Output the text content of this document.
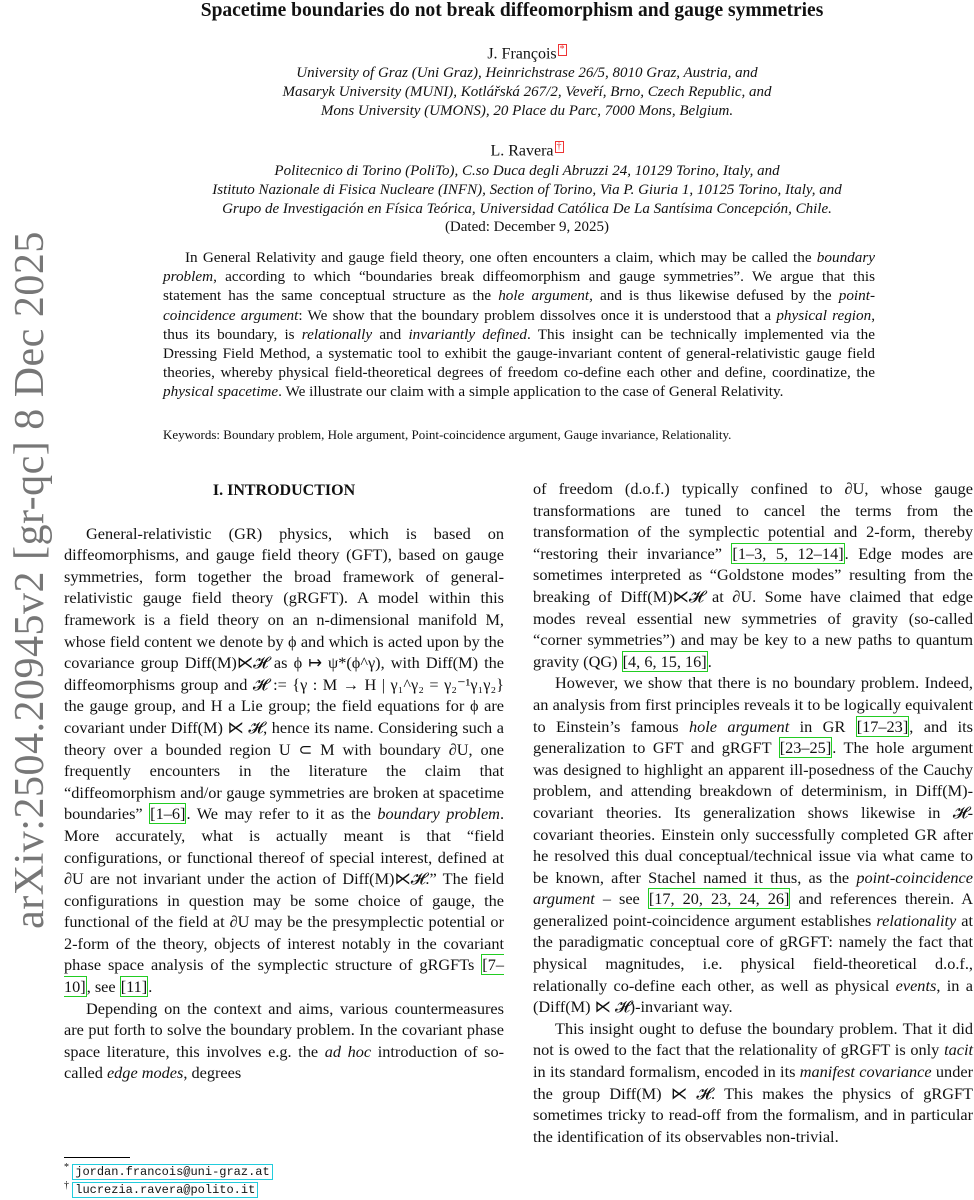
arXiv:2504.20945v2 [gr-qc] 8 Dec 2025
Spacetime boundaries do not break diffeomorphism and gauge symmetries
J. François *
University of Graz (Uni Graz), Heinrichstrase 26/5, 8010 Graz, Austria, and
Masaryk University (MUNI), Kotlářská 267/2, Veveří, Brno, Czech Republic, and
Mons University (UMONS), 20 Place du Parc, 7000 Mons, Belgium.
L. Ravera †
Politecnico di Torino (PoliTo), C.so Duca degli Abruzzi 24, 10129 Torino, Italy, and
Istituto Nazionale di Fisica Nucleare (INFN), Section of Torino, Via P. Giuria 1, 10125 Torino, Italy, and
Grupo de Investigación en Física Teórica, Universidad Católica De La Santísima Concepción, Chile.
(Dated: December 9, 2025)

In General Relativity and gauge field theory, one often encounters a claim, which may be called the boundary problem, according to which “boundaries break diffeomorphism and gauge symmetries”. We argue that this statement has the same conceptual structure as the hole argument, and is thus likewise defused by the point-coincidence argument: We show that the boundary problem dissolves once it is understood that a physical region, thus its boundary, is relationally and invariantly defined. This insight can be technically implemented via the Dressing Field Method, a systematic tool to exhibit the gauge-invariant content of general-relativistic gauge field theories, whereby physical field-theoretical degrees of freedom co-define each other and define, coordinatize, the physical spacetime. We illustrate our claim with a simple application to the case of General Relativity.

Keywords: Boundary problem, Hole argument, Point-coincidence argument, Gauge invariance, Relationality.

I. INTRODUCTION

General-relativistic (GR) physics, which is based on diffeomorphisms, and gauge field theory (GFT), based on gauge symmetries, form together the broad framework of general-relativistic gauge field theory (gRGFT). A model within this framework is a field theory on an n-dimensional manifold M, whose field content we denote by ϕ and which is acted upon by the covariance group Diff(M)⋉𝓗 as ϕ ↦ ψ*(ϕ^γ), with Diff(M) the diffeomorphisms group and 𝓗 := {γ : M → H | γ₁^γ₂ = γ₂⁻¹γ₁γ₂} the gauge group, and H a Lie group; the field equations for ϕ are covariant under Diff(M) ⋉ 𝓗, hence its name. Considering such a theory over a bounded region U ⊂ M with boundary ∂U, one frequently encounters in the literature the claim that “diffeomorphism and/or gauge symmetries are broken at spacetime boundaries” [1–6]. We may refer to it as the boundary problem. More accurately, what is actually meant is that “field configurations, or functional thereof of special interest, defined at ∂U are not invariant under the action of Diff(M)⋉𝓗.” The field configurations in question may be some choice of gauge, the functional of the field at ∂U may be the presymplectic potential or 2-form of the theory, objects of interest notably in the covariant phase space analysis of the symplectic structure of gRGFTs [7–10], see [11].

Depending on the context and aims, various countermeasures are put forth to solve the boundary problem. In the covariant phase space literature, this involves e.g. the ad hoc introduction of so-called edge modes, degrees

of freedom (d.o.f.) typically confined to ∂U, whose gauge transformations are tuned to cancel the terms from the transformation of the symplectic potential and 2-form, thereby “restoring their invariance” [1–3, 5, 12–14]. Edge modes are sometimes interpreted as “Goldstone modes” resulting from the breaking of Diff(M)⋉𝓗 at ∂U. Some have claimed that edge modes reveal essential new symmetries of gravity (so-called “corner symmetries”) and may be key to a new paths to quantum gravity (QG) [4, 6, 15, 16].

However, we show that there is no boundary problem. Indeed, an analysis from first principles reveals it to be logically equivalent to Einstein’s famous hole argument in GR [17–23], and its generalization to GFT and gRGFT [23–25]. The hole argument was designed to highlight an apparent ill-posedness of the Cauchy problem, and attending breakdown of determinism, in Diff(M)-covariant theories. Its generalization shows likewise in 𝓗-covariant theories. Einstein only successfully completed GR after he resolved this dual conceptual/technical issue via what came to be known, after Stachel named it thus, as the point-coincidence argument – see [17, 20, 23, 24, 26] and references therein. A generalized point-coincidence argument establishes relationality at the paradigmatic conceptual core of gRGFT: namely the fact that physical magnitudes, i.e. physical field-theoretical d.o.f., relationally co-define each other, as well as physical events, in a (Diff(M) ⋉ 𝓗)-invariant way.

This insight ought to defuse the boundary problem. That it did not is owed to the fact that the relationality of gRGFT is only tacit in its standard formalism, encoded in its manifest covariance under the group Diff(M) ⋉ 𝓗. This makes the physics of gRGFT sometimes tricky to read-off from the formalism, and in particular the identification of its observables non-trivial.

* jordan.francois@uni-graz.at
† lucrezia.ravera@polito.it
